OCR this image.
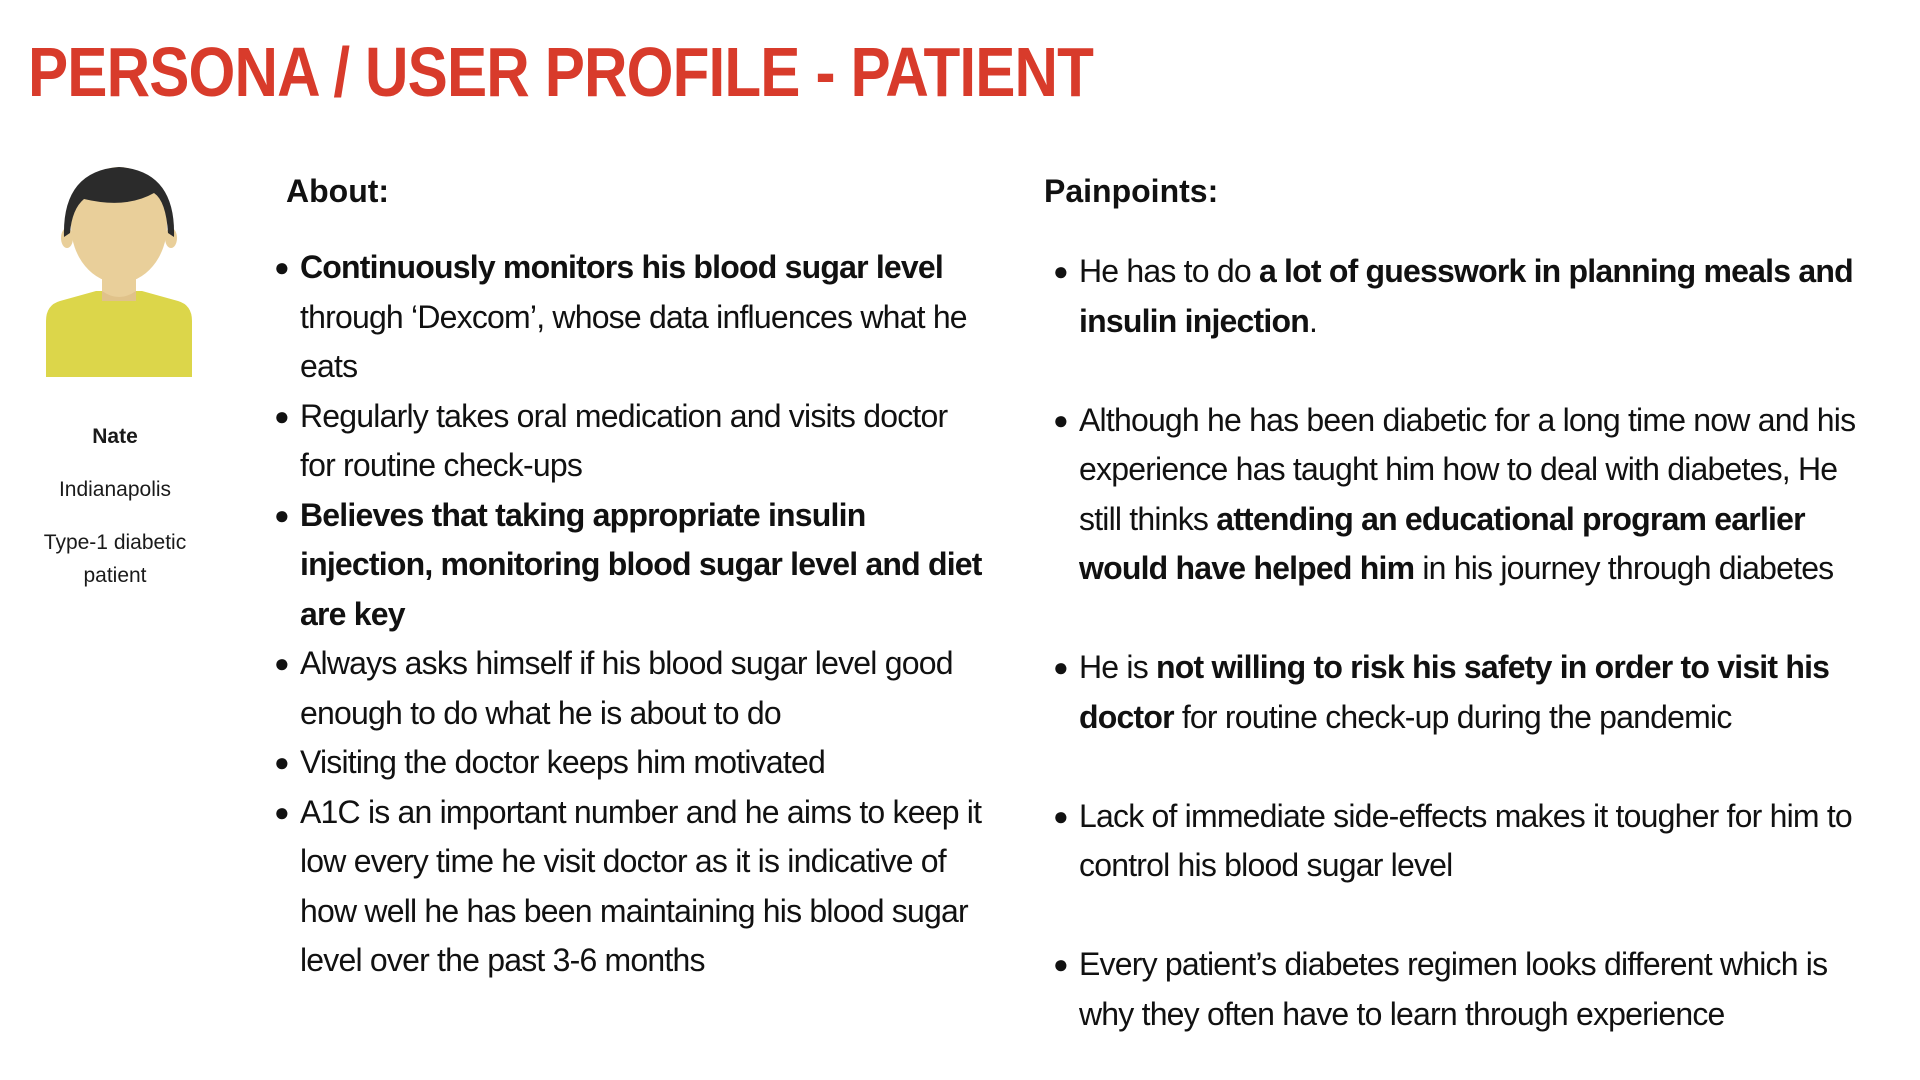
PERSONA / USER PROFILE - PATIENT
Nate
Indianapolis
Type-1 diabetic patient
About:
● Continuously monitors his blood sugar level through ‘Dexcom’, whose data influences what he eats
● Regularly takes oral medication and visits doctor for routine check-ups
● Believes that taking appropriate insulin injection, monitoring blood sugar level and diet are key
● Always asks himself if his blood sugar level good enough to do what he is about to do
● Visiting the doctor keeps him motivated
● A1C is an important number and he aims to keep it low every time he visit doctor as it is indicative of how well he has been maintaining his blood sugar level over the past 3-6 months
Painpoints:
● He has to do a lot of guesswork in planning meals and insulin injection.
● Although he has been diabetic for a long time now and his experience has taught him how to deal with diabetes, He still thinks attending an educational program earlier would have helped him in his journey through diabetes
● He is not willing to risk his safety in order to visit his doctor for routine check-up during the pandemic
● Lack of immediate side-effects makes it tougher for him to control his blood sugar level
● Every patient’s diabetes regimen looks different which is why they often have to learn through experience
